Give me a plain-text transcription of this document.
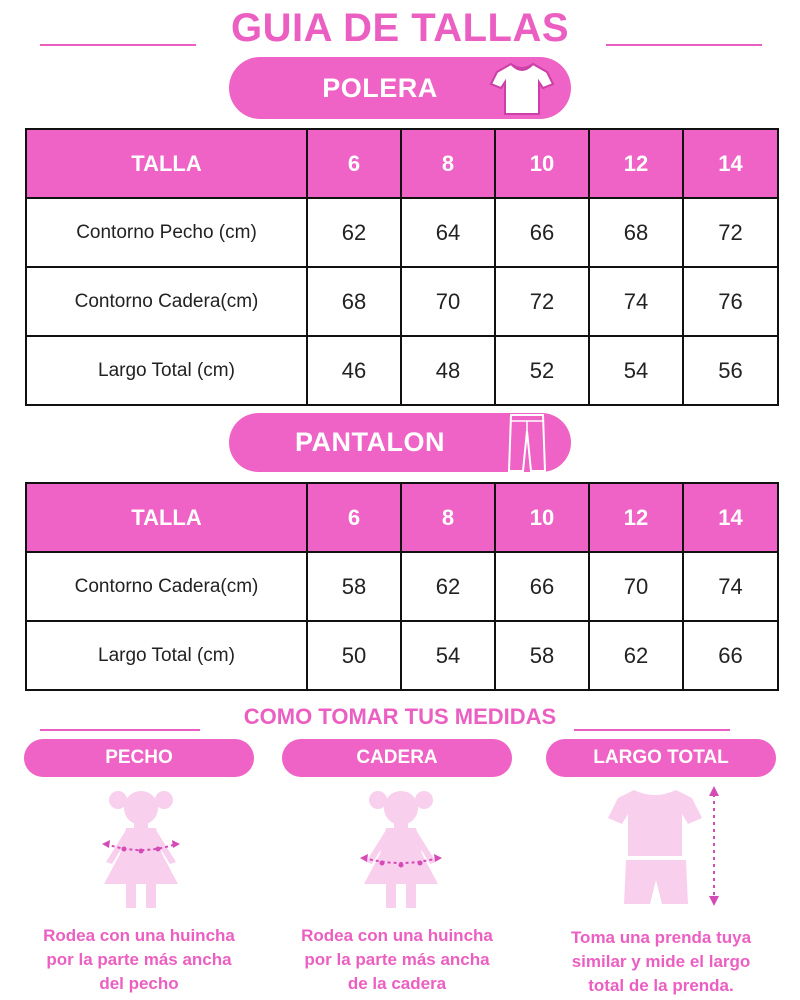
GUIA DE TALLAS
POLERA
TALLA	6	8	10	12	14
Contorno Pecho (cm)	62	64	66	68	72
Contorno Cadera(cm)	68	70	72	74	76
Largo Total (cm)	46	48	52	54	56
PANTALON
TALLA	6	8	10	12	14
Contorno Cadera(cm)	58	62	66	70	74
Largo Total (cm)	50	54	58	62	66
COMO TOMAR TUS MEDIDAS
PECHO	CADERA	LARGO TOTAL
Rodea con una huincha
por la parte más ancha
del pecho
Rodea con una huincha
por la parte más ancha
de la cadera
Toma una prenda tuya
similar y mide el largo
total de la prenda.
